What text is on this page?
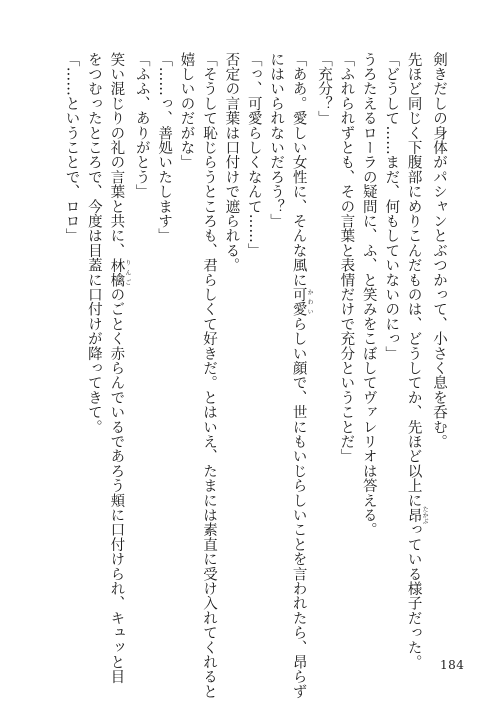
剣きだしの身体がパシャンとぶつかって、小さく息を呑む。
先ほど同じく下腹部にめりこんだものは、どうしてか、先ほど以上に昂 たかぶっている様子だった。
「どうして……まだ、何もしていないのにっ」
うろたえるローラの疑問に、ふ、と笑みをこぼしてヴァレリオは答える。
「ふれられずとも、その言葉と表情だけで充分ということだ」
「充分？」
「ああ。愛しい女性に、そんな風に可愛 かわいらしい顔で、世にもいじらしいことを言われたら、昂らず
にはいられないだろう？」
「っ、可愛らしくなんて……」
否定の言葉は口付けで遮られる。
「そうして恥じらうところも、君らしくて好きだ。とはいえ、たまには素直に受け入れてくれると
嬉しいのだがな」
「……っ、善処いたします」
「ふふ、ありがとう」
笑い混じりの礼の言葉と共に、林檎 りんごのごとく赤らんでいるであろう頬に口付けられ、キュッと目
をつむったところで、今度は目蓋に口付けが降ってきて。
「……ということで、ロロ」
184
